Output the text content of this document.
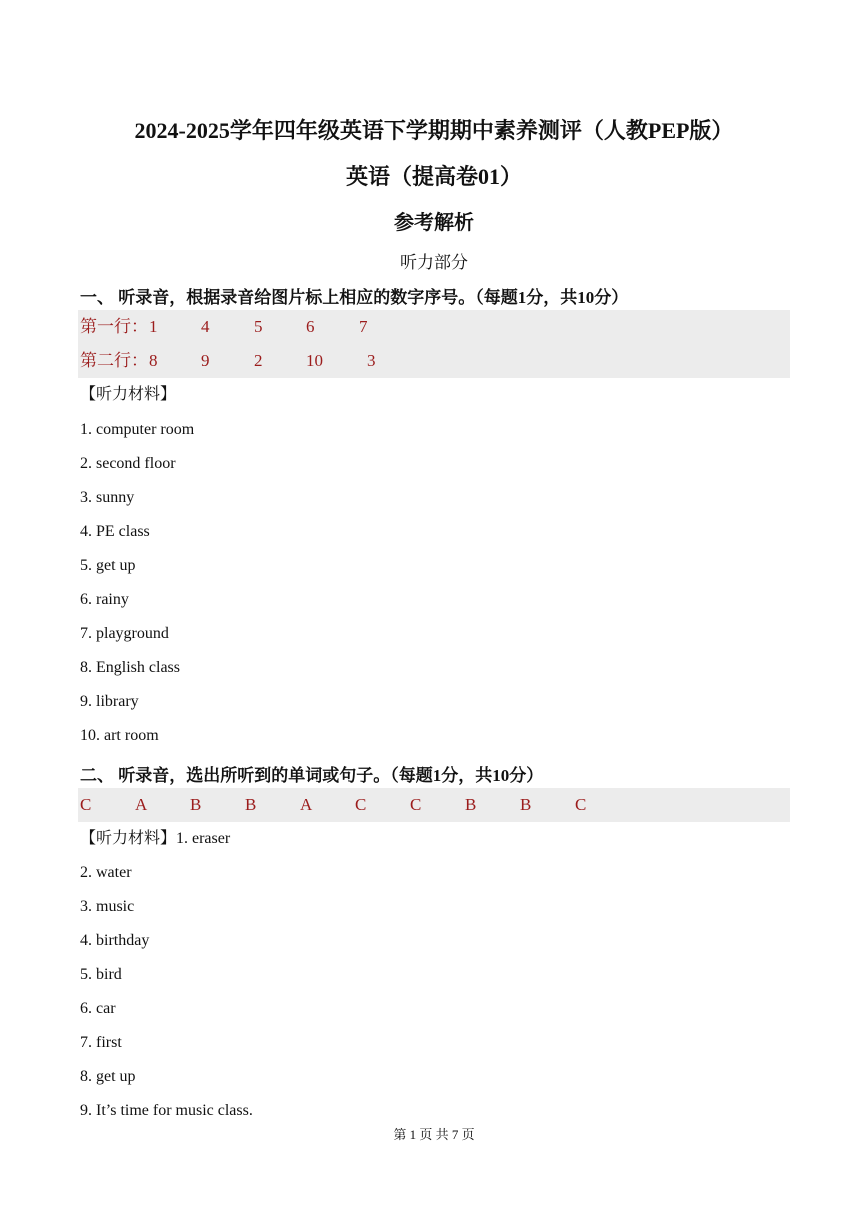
2024-2025学年四年级英语下学期期中素养测评（人教PEP版）
英语（提高卷01）
参考解析
听力部分
一、 听录音，根据录音给图片标上相应的数字序号。（每题1分，共10分）
第一行： 1	4	5	6	7
第二行： 8	9	2	10	3
【听力材料】
1. computer room
2. second floor
3. sunny
4. PE class
5. get up
6. rainy
7. playground
8. English class
9. library
10. art room
二、 听录音，选出所听到的单词或句子。（每题1分，共10分）
C	A	B	B	A	C	C	B	B	C
【听力材料】1. eraser
2. water
3. music
4. birthday
5. bird
6. car
7. first
8. get up
9. It’s time for music class.
第 1 页 共 7 页
